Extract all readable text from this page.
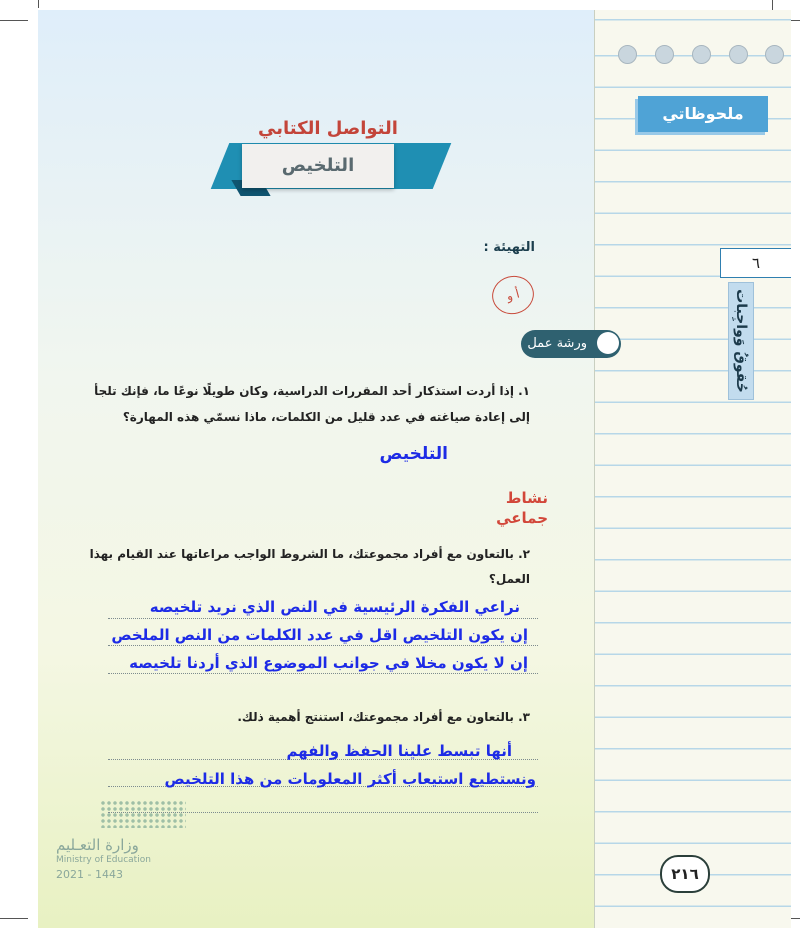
ملحوظاتي
٦
حُقوقُ وَواجِبات
٢١٦
التلخيص
التواصل الكتابي
التهيئة :
أ و
ورشة عمل
١. إذا أردت استذكار أحد المقررات الدراسية، وكان طويلًا نوعًا ما، فإنك تلجأ
إلى إعادة صياغته في عدد قليل من الكلمات، ماذا نسمّي هذه المهارة؟
التلخيص
نشاط
جماعي
٢. بالتعاون مع أفراد مجموعتك، ما الشروط الواجب مراعاتها عند القيام بهذا
العمل؟
نراعي الفكرة الرئيسية في النص الذي نريد تلخيصه
إن يكون التلخيص اقل في عدد الكلمات من النص الملخص
إن لا يكون مخلا في جوانب الموضوع الذي أردنا تلخيصه
٣. بالتعاون مع أفراد مجموعتك، استنتج أهمية ذلك.
أنها تبسط علينا الحفظ والفهم
ونستطيع استيعاب أكثر المعلومات من هذا التلخيص
وزارة التعـليم
Ministry of Education
2021 - 1443
